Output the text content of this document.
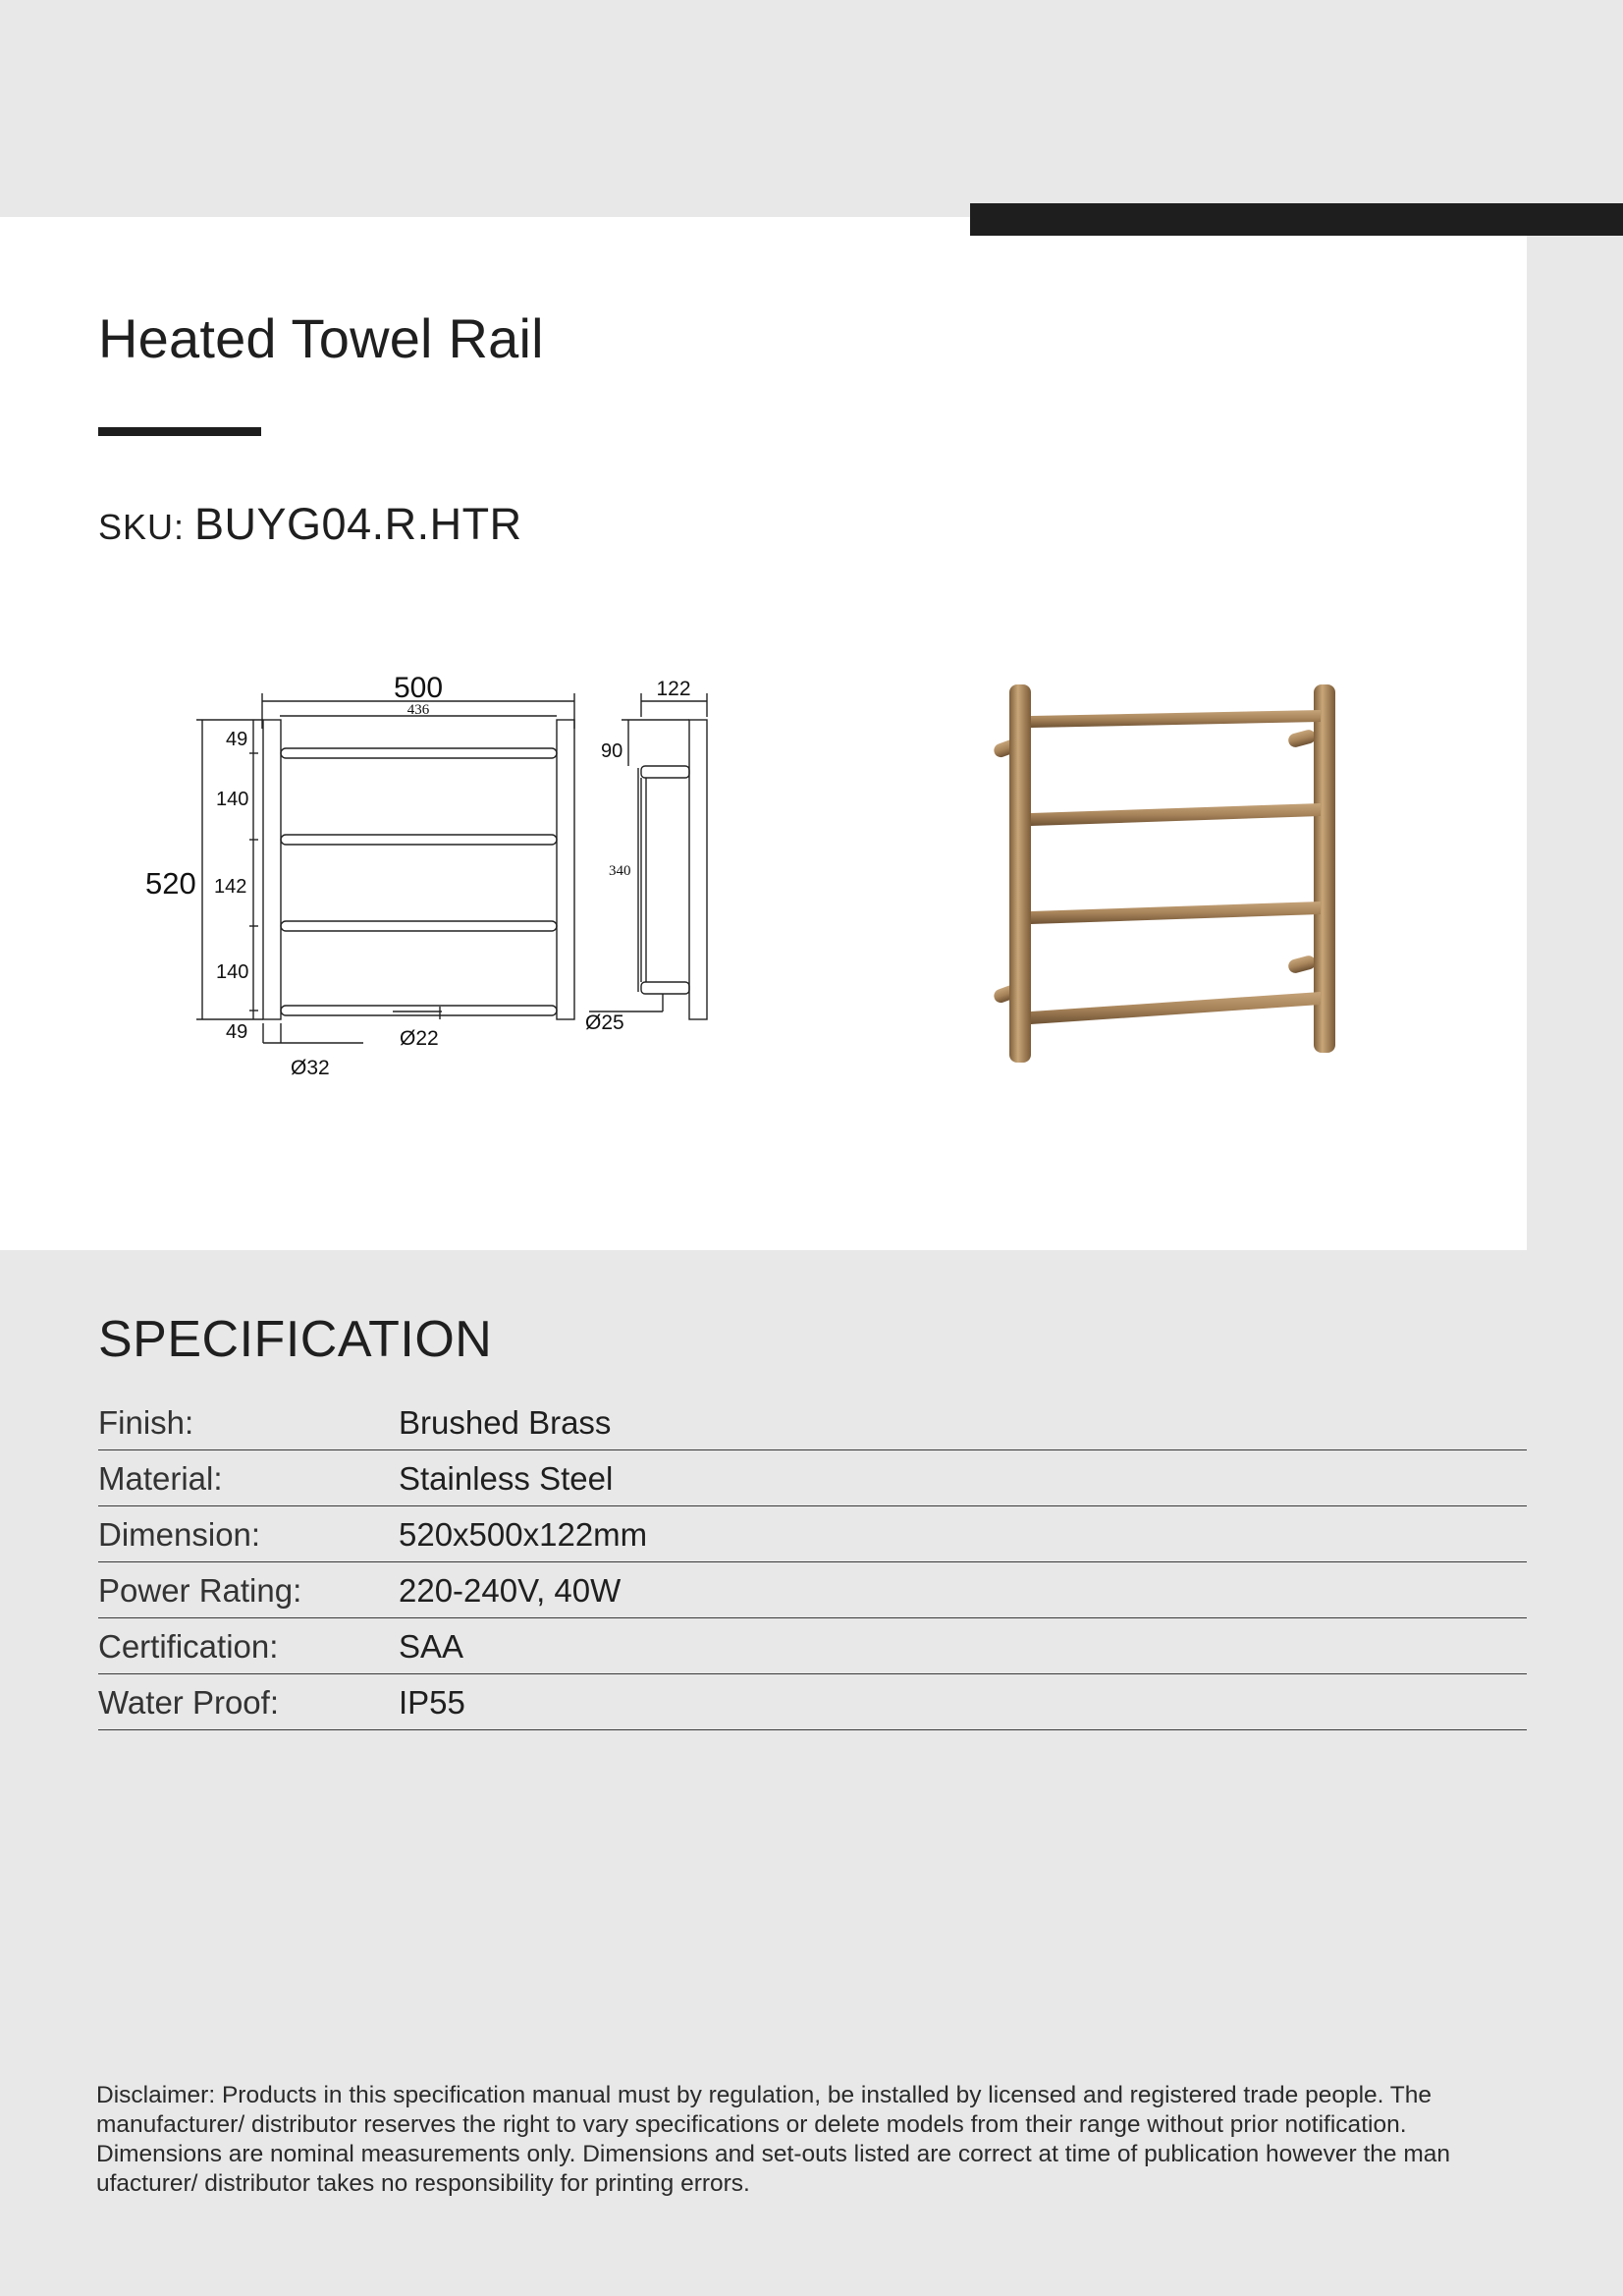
Heated Towel Rail
SKU: BUYG04.R.HTR
500
436
122
520
49
140
142
140
49
90
340
Ø22
Ø32
Ø25
SPECIFICATION
Finish:	Brushed Brass
Material:	Stainless Steel
Dimension:	520x500x122mm
Power Rating:	220-240V, 40W
Certification:	SAA
Water Proof:	IP55
Disclaimer: Products in this specification manual must by regulation, be installed by licensed and registered trade people. The manufacturer/ distributor reserves the right to vary specifications or delete models from their range without prior notification. Dimensions are nominal measurements only. Dimensions and set-outs listed are correct at time of publication however the man ufacturer/ distributor takes no responsibility for printing errors.
